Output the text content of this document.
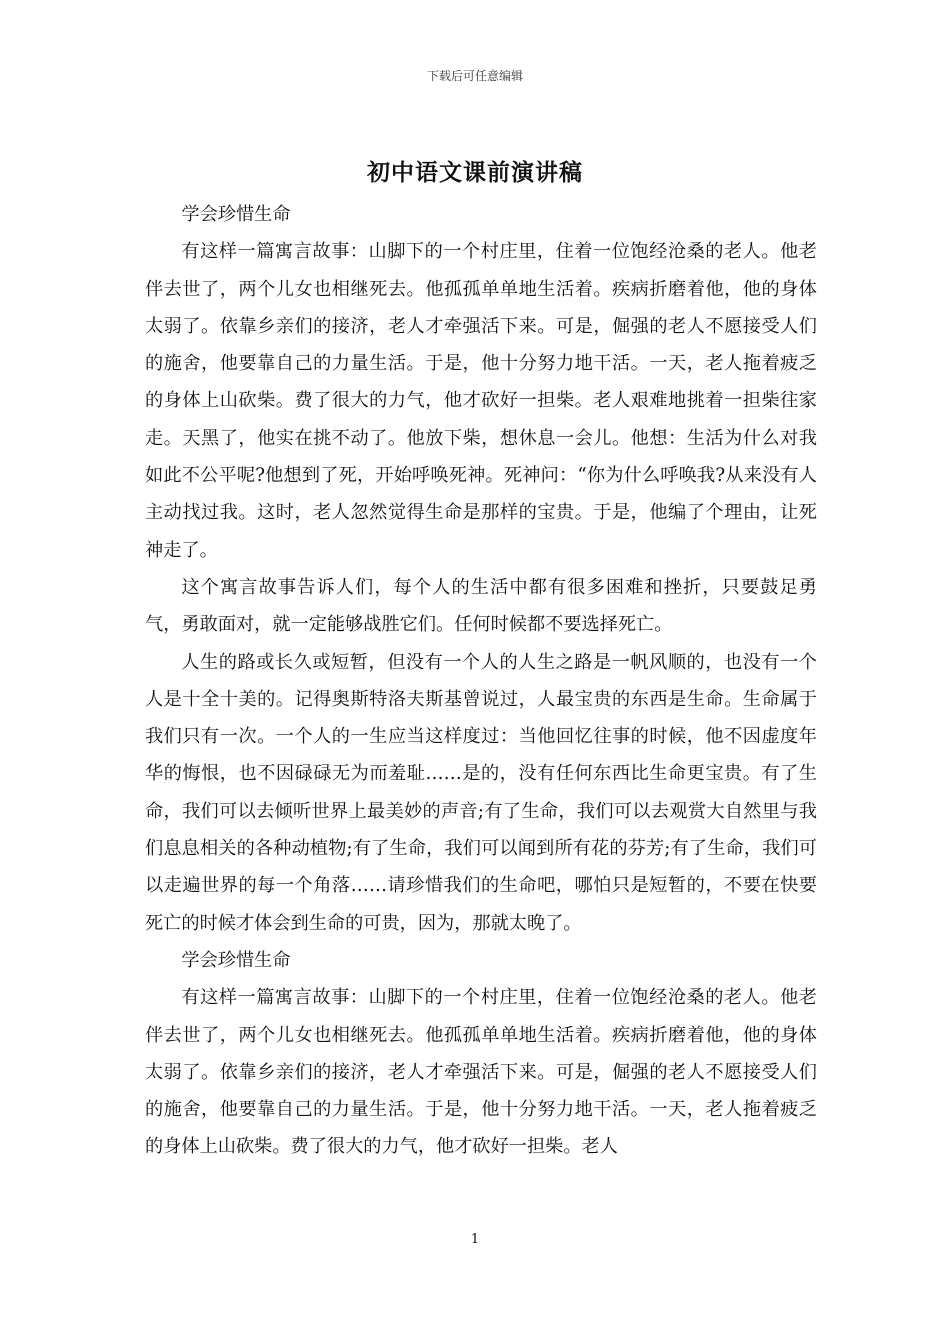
下载后可任意编辑
初中语文课前演讲稿

学会珍惜生命

有这样一篇寓言故事：山脚下的一个村庄里，住着一位饱经沧桑的老人。他老伴去世了，两个儿女也相继死去。他孤孤单单地生活着。疾病折磨着他，他的身体太弱了。依靠乡亲们的接济，老人才牵强活下来。可是，倔强的老人不愿接受人们的施舍，他要靠自己的力量生活。于是，他十分努力地干活。一天，老人拖着疲乏的身体上山砍柴。费了很大的力气，他才砍好一担柴。老人艰难地挑着一担柴往家走。天黑了，他实在挑不动了。他放下柴，想休息一会儿。他想：生活为什么对我如此不公平呢?他想到了死，开始呼唤死神。死神问：“你为什么呼唤我?从来没有人主动找过我。这时，老人忽然觉得生命是那样的宝贵。于是，他编了个理由，让死神走了。

这个寓言故事告诉人们，每个人的生活中都有很多困难和挫折，只要鼓足勇气，勇敢面对，就一定能够战胜它们。任何时候都不要选择死亡。

人生的路或长久或短暂，但没有一个人的人生之路是一帆风顺的，也没有一个人是十全十美的。记得奥斯特洛夫斯基曾说过，人最宝贵的东西是生命。生命属于我们只有一次。一个人的一生应当这样度过：当他回忆往事的时候，他不因虚度年华的悔恨，也不因碌碌无为而羞耻……是的，没有任何东西比生命更宝贵。有了生命，我们可以去倾听世界上最美妙的声音;有了生命，我们可以去观赏大自然里与我们息息相关的各种动植物;有了生命，我们可以闻到所有花的芬芳;有了生命，我们可以走遍世界的每一个角落……请珍惜我们的生命吧，哪怕只是短暂的，不要在快要死亡的时候才体会到生命的可贵，因为，那就太晚了。

学会珍惜生命

有这样一篇寓言故事：山脚下的一个村庄里，住着一位饱经沧桑的老人。他老伴去世了，两个儿女也相继死去。他孤孤单单地生活着。疾病折磨着他，他的身体太弱了。依靠乡亲们的接济，老人才牵强活下来。可是，倔强的老人不愿接受人们的施舍，他要靠自己的力量生活。于是，他十分努力地干活。一天，老人拖着疲乏的身体上山砍柴。费了很大的力气，他才砍好一担柴。老人

1
